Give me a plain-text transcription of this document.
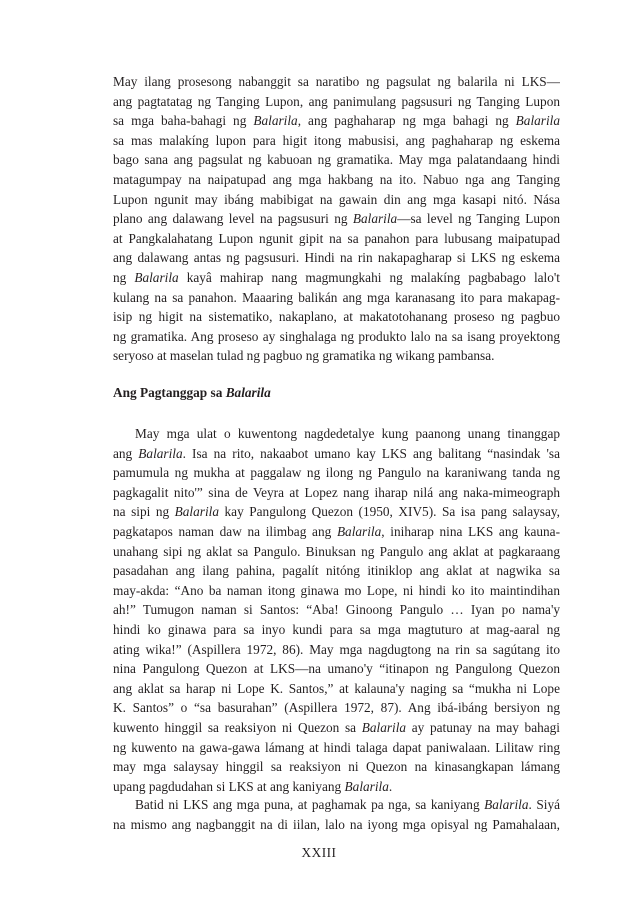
May ilang prosesong nabanggit sa naratibo ng pagsulat ng balarila ni LKS—
ang pagtatatag ng Tanging Lupon, ang panimulang pagsusuri ng Tanging Lupon
sa mga baha-bahagi ng Balarila, ang paghaharap ng mga bahagi ng Balarila
sa mas malakíng lupon para higit itong mabusisi, ang paghaharap ng eskema
bago sana ang pagsulat ng kabuoan ng gramatika. May mga palatandaang hindi
matagumpay na naipatupad ang mga hakbang na ito. Nabuo nga ang Tanging
Lupon ngunit may ibáng mabibigat na gawain din ang mga kasapi nitó. Nása
plano ang dalawang level na pagsusuri ng Balarila—sa level ng Tanging Lupon
at Pangkalahatang Lupon ngunit gipit na sa panahon para lubusang maipatupad
ang dalawang antas ng pagsusuri. Hindi na rin nakapagharap si LKS ng eskema
ng Balarila kayâ mahirap nang magmungkahi ng malakíng pagbabago lalo't
kulang na sa panahon. Maaaring balikán ang mga karanasang ito para makapag-
isip ng higit na sistematiko, nakaplano, at makatotohanang proseso ng pagbuo
ng gramatika. Ang proseso ay singhalaga ng produkto lalo na sa isang proyektong
seryoso at maselan tulad ng pagbuo ng gramatika ng wikang pambansa.
Ang Pagtanggap sa Balarila
May mga ulat o kuwentong nagdedetalye kung paanong unang tinanggap
ang Balarila. Isa na rito, nakaabot umano kay LKS ang balitang “nasindak 'sa
pamumula ng mukha at paggalaw ng ilong ng Pangulo na karaniwang tanda ng
pagkagalit nito'” sina de Veyra at Lopez nang iharap nilá ang naka-mimeograph
na sipi ng Balarila kay Pangulong Quezon (1950, XIV5). Sa isa pang salaysay,
pagkatapos naman daw na ilimbag ang Balarila, iniharap nina LKS ang kauna-
unahang sipi ng aklat sa Pangulo. Binuksan ng Pangulo ang aklat at pagkaraang
pasadahan ang ilang pahina, pagalít nitóng itiniklop ang aklat at nagwika sa
may-akda: “Ano ba naman itong ginawa mo Lope, ni hindi ko ito maintindihan
ah!” Tumugon naman si Santos: “Aba! Ginoong Pangulo … Iyan po nama'y
hindi ko ginawa para sa inyo kundi para sa mga magtuturo at mag-aaral ng
ating wika!” (Aspillera 1972, 86). May mga nagdugtong na rin sa sagútang ito
nina Pangulong Quezon at LKS—na umano'y “itinapon ng Pangulong Quezon
ang aklat sa harap ni Lope K. Santos,” at kalauna'y naging sa “mukha ni Lope
K. Santos” o “sa basurahan” (Aspillera 1972, 87). Ang ibá-ibáng bersiyon ng
kuwento hinggil sa reaksiyon ni Quezon sa Balarila ay patunay na may bahagi
ng kuwento na gawa-gawa lámang at hindi talaga dapat paniwalaan. Lilitaw ring
may mga salaysay hinggil sa reaksiyon ni Quezon na kinasangkapan lámang
upang pagdudahan si LKS at ang kaniyang Balarila.
Batid ni LKS ang mga puna, at paghamak pa nga, sa kaniyang Balarila. Siyá
na mismo ang nagbanggit na di iilan, lalo na iyong mga opisyal ng Pamahalaan,
XXIII
